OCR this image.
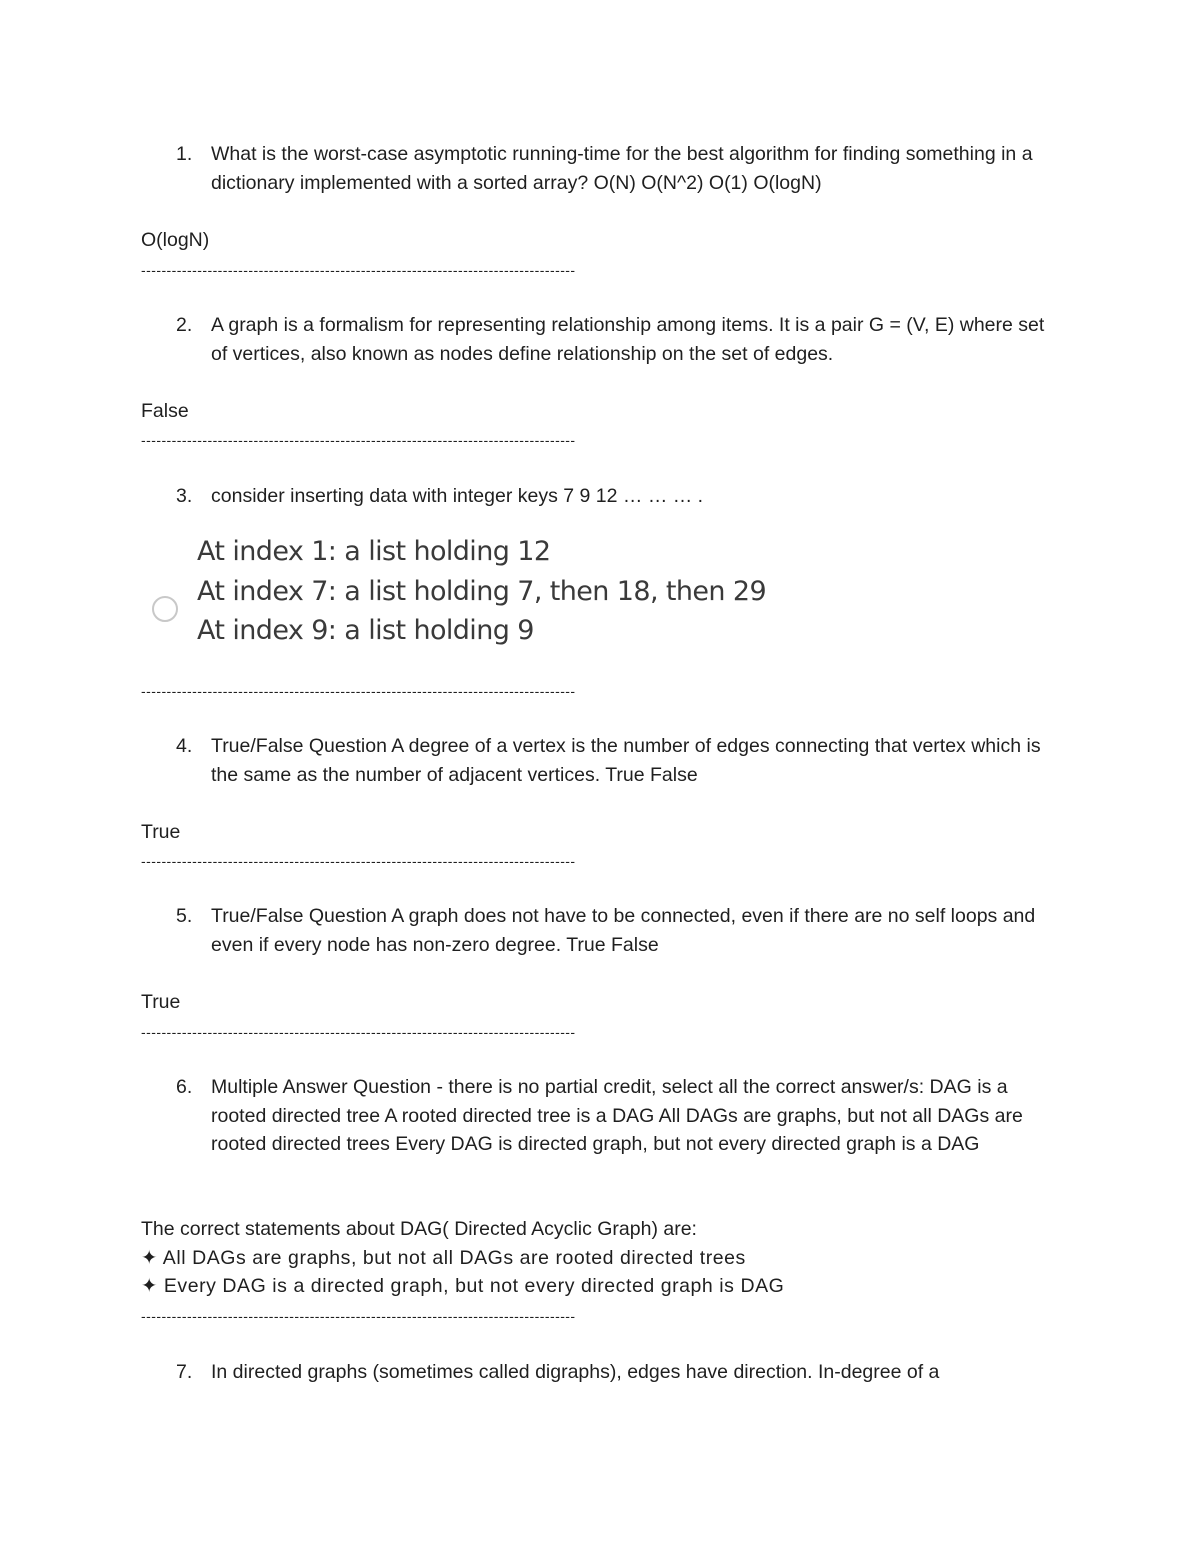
1. What is the worst-case asymptotic running-time for the best algorithm for finding something in a dictionary implemented with a sorted array? O(N) O(N^2) O(1) O(logN)
O(logN)
-------------------------------------------------------------------------------------
2. A graph is a formalism for representing relationship among items. It is a pair G = (V, E) where set of vertices, also known as nodes define relationship on the set of edges.
False
-------------------------------------------------------------------------------------
3. consider inserting data with integer keys 7 9 12 … … … .
At index 1: a list holding 12
At index 7: a list holding 7, then 18, then 29
At index 9: a list holding 9
-------------------------------------------------------------------------------------
4. True/False Question A degree of a vertex is the number of edges connecting that vertex which is the same as the number of adjacent vertices. True False
True
-------------------------------------------------------------------------------------
5. True/False Question A graph does not have to be connected, even if there are no self loops and even if every node has non-zero degree. True False
True
-------------------------------------------------------------------------------------
6. Multiple Answer Question - there is no partial credit, select all the correct answer/s: DAG is a rooted directed tree A rooted directed tree is a DAG All DAGs are graphs, but not all DAGs are rooted directed trees Every DAG is directed graph, but not every directed graph is a DAG
The correct statements about DAG( Directed Acyclic Graph) are:
✦ All DAGs are graphs, but not all DAGs are rooted directed trees
✦ Every DAG is a directed graph, but not every directed graph is DAG
-------------------------------------------------------------------------------------
7. In directed graphs (sometimes called digraphs), edges have direction. In-degree of a
